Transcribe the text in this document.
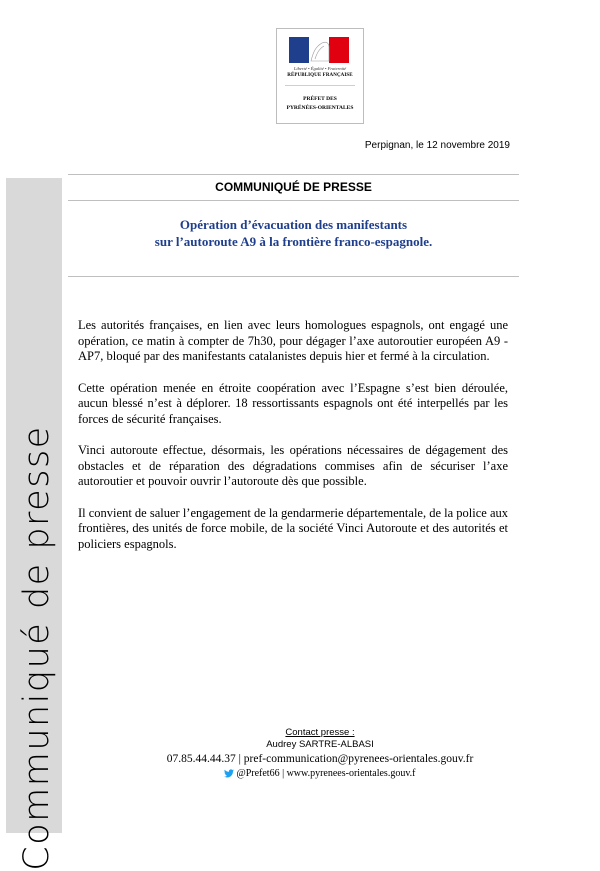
Liberté • Égalité • Fraternité
RÉPUBLIQUE FRANÇAISE
PRÉFET DES
PYRÉNÉES-ORIENTALES
Perpignan, le 12 novembre 2019
Communiqué de presse
COMMUNIQUÉ DE PRESSE
Opération d’évacuation des manifestants
sur l’autoroute A9 à la frontière franco-espagnole.

Les autorités françaises, en lien avec leurs homologues espagnols, ont engagé une opération, ce matin à compter de 7h30, pour dégager l’axe autoroutier européen A9 - AP7, bloqué par des manifestants catalanistes depuis hier et fermé à la circulation.

Cette opération menée en étroite coopération avec l’Espagne s’est bien déroulée, aucun blessé n’est à déplorer. 18 ressortissants espagnols ont été interpellés par les forces de sécurité françaises.

Vinci autoroute effectue, désormais, les opérations nécessaires de dégagement des obstacles et de réparation des dégradations commises afin de sécuriser l’axe autoroutier et pouvoir ouvrir l’autoroute dès que possible.

Il convient de saluer l’engagement de la gendarmerie départementale, de la police aux frontières, des unités de force mobile, de la société Vinci Autoroute et des autorités et policiers espagnols.

Contact presse :
Audrey SARTRE-ALBASI
07.85.44.44.37 | pref-communication@pyrenees-orientales.gouv.fr
@Prefet66 | www.pyrenees-orientales.gouv.f
